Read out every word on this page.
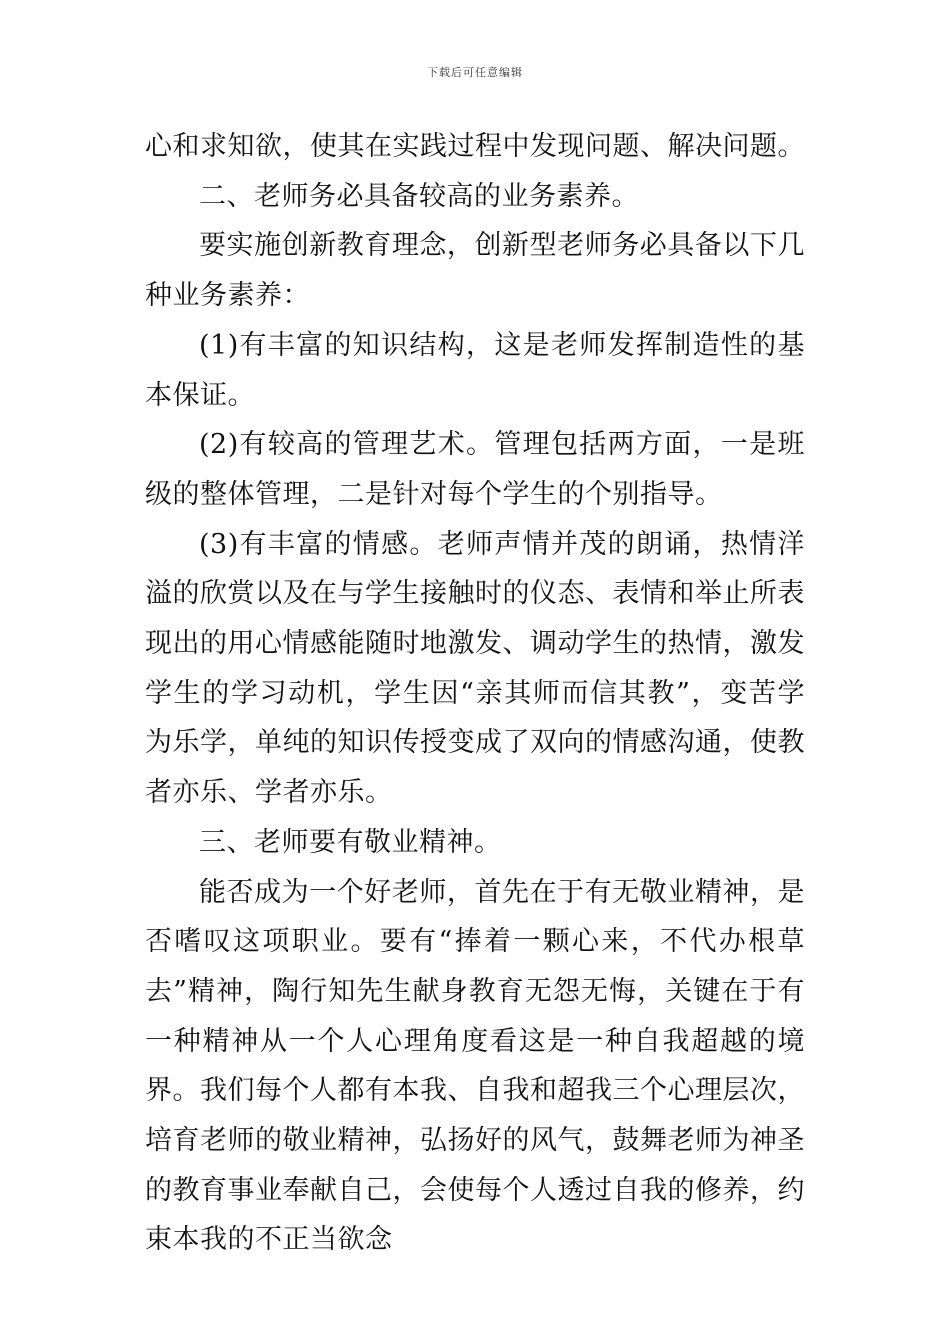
下载后可任意编辑

心和求知欲，使其在实践过程中发现问题、解决问题。

二、老师务必具备较高的业务素养。

要实施创新教育理念，创新型老师务必具备以下几种业务素养：

(1)有丰富的知识结构，这是老师发挥制造性的基本保证。

(2)有较高的管理艺术。管理包括两方面，一是班级的整体管理，二是针对每个学生的个别指导。

(3)有丰富的情感。老师声情并茂的朗诵，热情洋溢的欣赏以及在与学生接触时的仪态、表情和举止所表现出的用心情感能随时地激发、调动学生的热情，激发学生的学习动机，学生因“亲其师而信其教”，变苦学为乐学，单纯的知识传授变成了双向的情感沟通，使教者亦乐、学者亦乐。

三、老师要有敬业精神。

能否成为一个好老师，首先在于有无敬业精神，是否嗜叹这项职业。要有“捧着一颗心来，不代办根草去”精神，陶行知先生献身教育无怨无悔，关键在于有一种精神从一个人心理角度看这是一种自我超越的境界。我们每个人都有本我、自我和超我三个心理层次，培育老师的敬业精神，弘扬好的风气，鼓舞老师为神圣的教育事业奉献自己，会使每个人透过自我的修养，约束本我的不正当欲念
